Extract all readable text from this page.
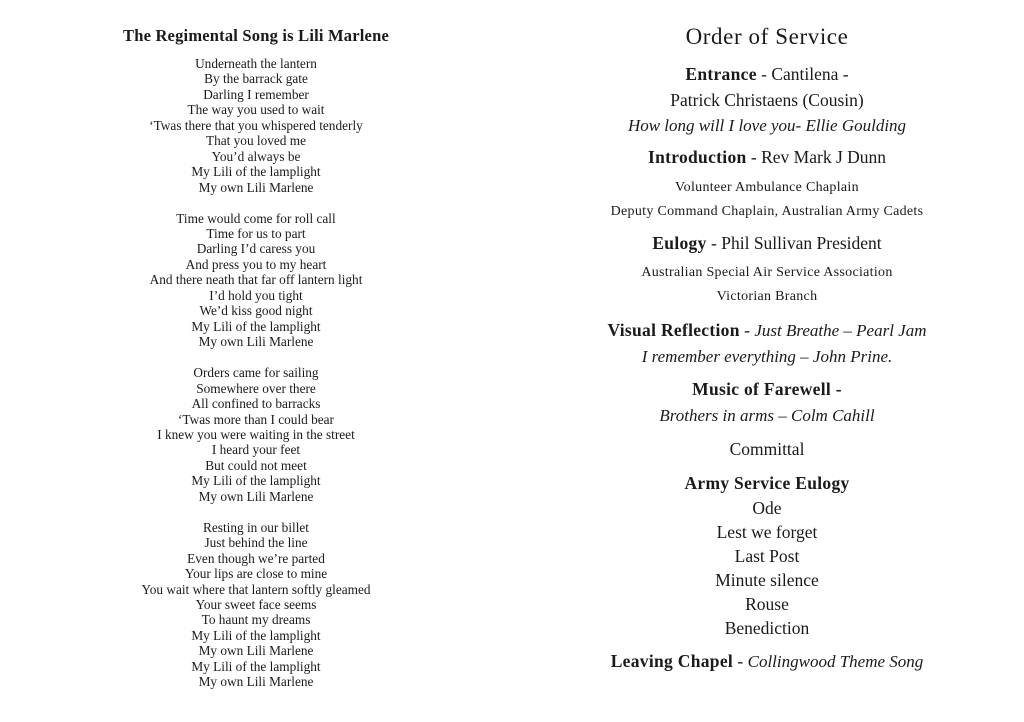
The Regimental Song is Lili Marlene
Underneath the lantern
By the barrack gate
Darling I remember
The way you used to wait
‘Twas there that you whispered tenderly
That you loved me
You’d always be
My Lili of the lamplight
My own Lili Marlene
Time would come for roll call
Time for us to part
Darling I’d caress you
And press you to my heart
And there neath that far off lantern light
I’d hold you tight
We’d kiss good night
My Lili of the lamplight
My own Lili Marlene
Orders came for sailing
Somewhere over there
All confined to barracks
‘Twas more than I could bear
I knew you were waiting in the street
I heard your feet
But could not meet
My Lili of the lamplight
My own Lili Marlene
Resting in our billet
Just behind the line
Even though we’re parted
Your lips are close to mine
You wait where that lantern softly gleamed
Your sweet face seems
To haunt my dreams
My Lili of the lamplight
My own Lili Marlene
My Lili of the lamplight
My own Lili Marlene
Order of Service
Entrance - Cantilena -
Patrick Christaens (Cousin)
How long will I love you- Ellie Goulding
Introduction - Rev Mark J Dunn
Volunteer Ambulance Chaplain
Deputy Command Chaplain, Australian Army Cadets
Eulogy - Phil Sullivan President
Australian Special Air Service Association
Victorian Branch
Visual Reflection - Just Breathe – Pearl Jam
I remember everything – John Prine.
Music of Farewell -
Brothers in arms – Colm Cahill
Committal
Army Service Eulogy
Ode
Lest we forget
Last Post
Minute silence
Rouse
Benediction
Leaving Chapel - Collingwood Theme Song
